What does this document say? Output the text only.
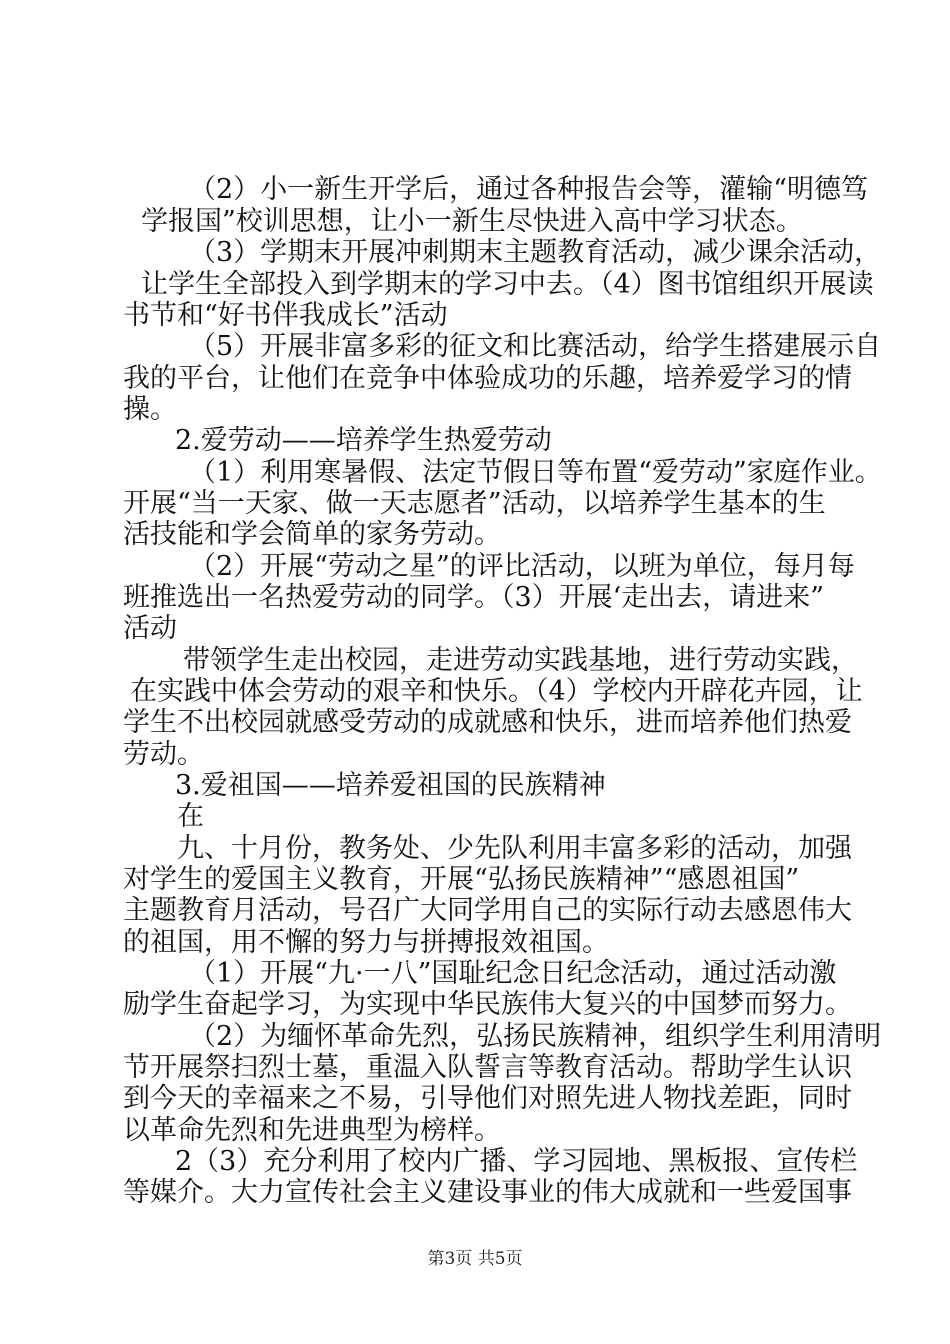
（2）小一新生开学后，通过各种报告会等，灌输“明德笃
学报国”校训思想，让小一新生尽快进入高中学习状态。
（3）学期末开展冲刺期末主题教育活动，减少课余活动，
让学生全部投入到学期末的学习中去。（4）图书馆组织开展读
书节和“好书伴我成长”活动
（5）开展非富多彩的征文和比赛活动，给学生搭建展示自
我的平台，让他们在竞争中体验成功的乐趣，培养爱学习的情
操。
2.爱劳动——培养学生热爱劳动
（1）利用寒暑假、法定节假日等布置“爱劳动”家庭作业。
开展“当一天家、做一天志愿者”活动，以培养学生基本的生
活技能和学会简单的家务劳动。
（2）开展“劳动之星”的评比活动，以班为单位，每月每
班推选出一名热爱劳动的同学。（3）开展‘走出去，请进来”
活动
带领学生走出校园，走进劳动实践基地，进行劳动实践，
在实践中体会劳动的艰辛和快乐。（4）学校内开辟花卉园，让
学生不出校园就感受劳动的成就感和快乐，进而培养他们热爱
劳动。
3.爱祖国——培养爱祖国的民族精神
在
九、十月份，教务处、少先队利用丰富多彩的活动，加强
对学生的爱国主义教育，开展“弘扬民族精神”“感恩祖国”
主题教育月活动，号召广大同学用自己的实际行动去感恩伟大
的祖国，用不懈的努力与拼搏报效祖国。
（1）开展“九·一八”国耻纪念日纪念活动，通过活动激
励学生奋起学习，为实现中华民族伟大复兴的中国梦而努力。
（2）为缅怀革命先烈，弘扬民族精神，组织学生利用清明
节开展祭扫烈士墓，重温入队誓言等教育活动。帮助学生认识
到今天的幸福来之不易，引导他们对照先进人物找差距，同时
以革命先烈和先进典型为榜样。
2（3）充分利用了校内广播、学习园地、黑板报、宣传栏
等媒介。大力宣传社会主义建设事业的伟大成就和一些爱国事
第3页 共5页
